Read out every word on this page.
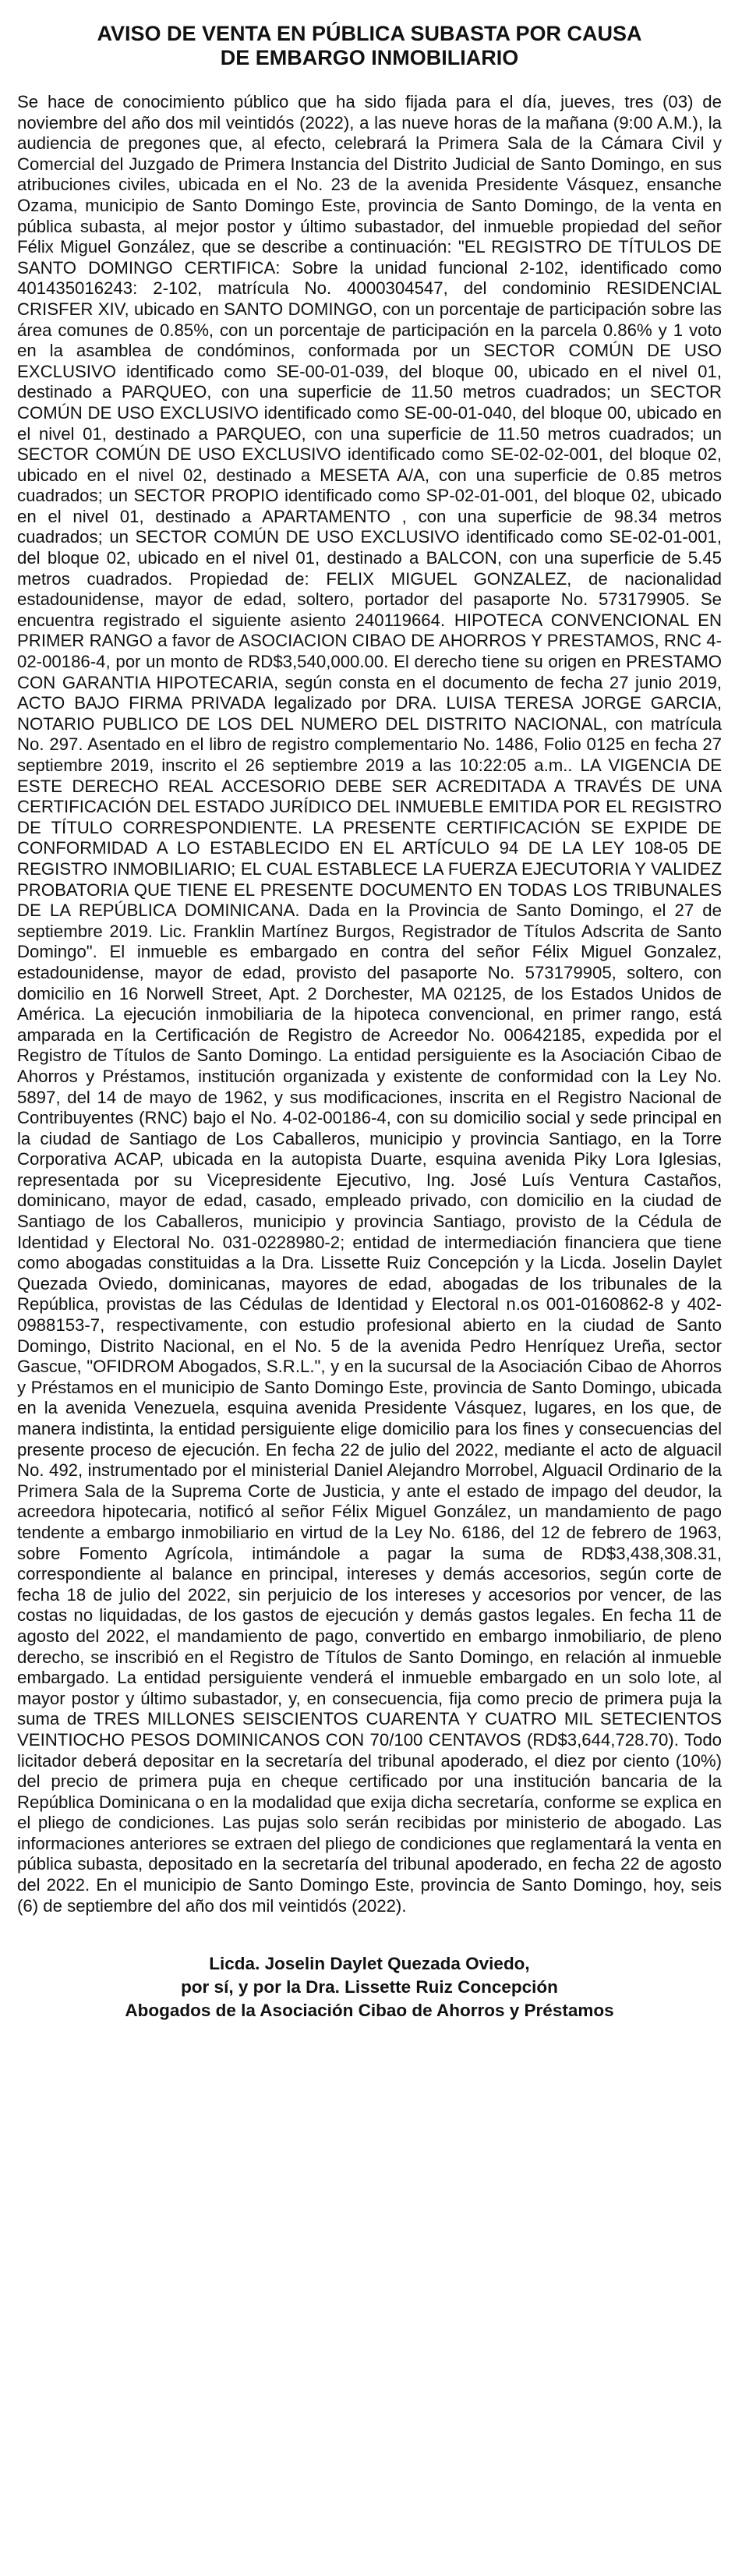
AVISO DE VENTA EN PÚBLICA SUBASTA POR CAUSA
DE EMBARGO INMOBILIARIO

Se hace de conocimiento público que ha sido fijada para el día, jueves, tres (03) de noviembre del año dos mil veintidós (2022), a las nueve horas de la mañana (9:00 A.M.), la audiencia de pregones que, al efecto, celebrará la Primera Sala de la Cámara Civil y Comercial del Juzgado de Primera Instancia del Distrito Judicial de Santo Domingo, en sus atribuciones civiles, ubicada en el No. 23 de la avenida Presidente Vásquez, ensanche Ozama, municipio de Santo Domingo Este, provincia de Santo Domingo, de la venta en pública subasta, al mejor postor y último subastador, del inmueble propiedad del señor Félix Miguel González, que se describe a continuación: "EL REGISTRO DE TÍTULOS DE SANTO DOMINGO CERTIFICA: Sobre la unidad funcional 2-102, identificado como 401435016243: 2-102, matrícula No. 4000304547, del condominio RESIDENCIAL CRISFER XIV, ubicado en SANTO DOMINGO, con un porcentaje de participación sobre las área comunes de 0.85%, con un porcentaje de participación en la parcela 0.86% y 1 voto en la asamblea de condóminos, conformada por un SECTOR COMÚN DE USO EXCLUSIVO identificado como SE-00-01-039, del bloque 00, ubicado en el nivel 01, destinado a PARQUEO, con una superficie de 11.50 metros cuadrados; un SECTOR COMÚN DE USO EXCLUSIVO identificado como SE-00-01-040, del bloque 00, ubicado en el nivel 01, destinado a PARQUEO, con una superficie de 11.50 metros cuadrados; un SECTOR COMÚN DE USO EXCLUSIVO identificado como SE-02-02-001, del bloque 02, ubicado en el nivel 02, destinado a MESETA A/A, con una superficie de 0.85 metros cuadrados; un SECTOR PROPIO identificado como SP-02-01-001, del bloque 02, ubicado en el nivel 01, destinado a APARTAMENTO , con una superficie de 98.34 metros cuadrados; un SECTOR COMÚN DE USO EXCLUSIVO identificado como SE-02-01-001, del bloque 02, ubicado en el nivel 01, destinado a BALCON, con una superficie de 5.45 metros cuadrados. Propiedad de: FELIX MIGUEL GONZALEZ, de nacionalidad estadounidense, mayor de edad, soltero, portador del pasaporte No. 573179905. Se encuentra registrado el siguiente asiento 240119664. HIPOTECA CONVENCIONAL EN PRIMER RANGO a favor de ASOCIACION CIBAO DE AHORROS Y PRESTAMOS, RNC 4-02-00186-4, por un monto de RD$3,540,000.00. El derecho tiene su origen en PRESTAMO CON GARANTIA HIPOTECARIA, según consta en el documento de fecha 27 junio 2019, ACTO BAJO FIRMA PRIVADA legalizado por DRA. LUISA TERESA JORGE GARCIA, NOTARIO PUBLICO DE LOS DEL NUMERO DEL DISTRITO NACIONAL, con matrícula No. 297. Asentado en el libro de registro complementario No. 1486, Folio 0125 en fecha 27 septiembre 2019, inscrito el 26 septiembre 2019 a las 10:22:05 a.m.. LA VIGENCIA DE ESTE DERECHO REAL ACCESORIO DEBE SER ACREDITADA A TRAVÉS DE UNA CERTIFICACIÓN DEL ESTADO JURÍDICO DEL INMUEBLE EMITIDA POR EL REGISTRO DE TÍTULO CORRESPONDIENTE. LA PRESENTE CERTIFICACIÓN SE EXPIDE DE CONFORMIDAD A LO ESTABLECIDO EN EL ARTÍCULO 94 DE LA LEY 108-05 DE REGISTRO INMOBILIARIO; EL CUAL ESTABLECE LA FUERZA EJECUTORIA Y VALIDEZ PROBATORIA QUE TIENE EL PRESENTE DOCUMENTO EN TODAS LOS TRIBUNALES DE LA REPÚBLICA DOMINICANA. Dada en la Provincia de Santo Domingo, el 27 de septiembre 2019. Lic. Franklin Martínez Burgos, Registrador de Títulos Adscrita de Santo Domingo". El inmueble es embargado en contra del señor Félix Miguel Gonzalez, estadounidense, mayor de edad, provisto del pasaporte No. 573179905, soltero, con domicilio en 16 Norwell Street, Apt. 2 Dorchester, MA 02125, de los Estados Unidos de América. La ejecución inmobiliaria de la hipoteca convencional, en primer rango, está amparada en la Certificación de Registro de Acreedor No. 00642185, expedida por el Registro de Títulos de Santo Domingo. La entidad persiguiente es la Asociación Cibao de Ahorros y Préstamos, institución organizada y existente de conformidad con la Ley No. 5897, del 14 de mayo de 1962, y sus modificaciones, inscrita en el Registro Nacional de Contribuyentes (RNC) bajo el No. 4-02-00186-4, con su domicilio social y sede principal en la ciudad de Santiago de Los Caballeros, municipio y provincia Santiago, en la Torre Corporativa ACAP, ubicada en la autopista Duarte, esquina avenida Piky Lora Iglesias, representada por su Vicepresidente Ejecutivo, Ing. José Luís Ventura Castaños, dominicano, mayor de edad, casado, empleado privado, con domicilio en la ciudad de Santiago de los Caballeros, municipio y provincia Santiago, provisto de la Cédula de Identidad y Electoral No. 031-0228980-2; entidad de intermediación financiera que tiene como abogadas constituidas a la Dra. Lissette Ruiz Concepción y la Licda. Joselin Daylet Quezada Oviedo, dominicanas, mayores de edad, abogadas de los tribunales de la República, provistas de las Cédulas de Identidad y Electoral n.os 001-0160862-8 y 402-0988153-7, respectivamente, con estudio profesional abierto en la ciudad de Santo Domingo, Distrito Nacional, en el No. 5 de la avenida Pedro Henríquez Ureña, sector Gascue, "OFIDROM Abogados, S.R.L.", y en la sucursal de la Asociación Cibao de Ahorros y Préstamos en el municipio de Santo Domingo Este, provincia de Santo Domingo, ubicada en la avenida Venezuela, esquina avenida Presidente Vásquez, lugares, en los que, de manera indistinta, la entidad persiguiente elige domicilio para los fines y consecuencias del presente proceso de ejecución. En fecha 22 de julio del 2022, mediante el acto de alguacil No. 492, instrumentado por el ministerial Daniel Alejandro Morrobel, Alguacil Ordinario de la Primera Sala de la Suprema Corte de Justicia, y ante el estado de impago del deudor, la acreedora hipotecaria, notificó al señor Félix Miguel González, un mandamiento de pago tendente a embargo inmobiliario en virtud de la Ley No. 6186, del 12 de febrero de 1963, sobre Fomento Agrícola, intimándole a pagar la suma de RD$3,438,308.31, correspondiente al balance en principal, intereses y demás accesorios, según corte de fecha 18 de julio del 2022, sin perjuicio de los intereses y accesorios por vencer, de las costas no liquidadas, de los gastos de ejecución y demás gastos legales. En fecha 11 de agosto del 2022, el mandamiento de pago, convertido en embargo inmobiliario, de pleno derecho, se inscribió en el Registro de Títulos de Santo Domingo, en relación al inmueble embargado. La entidad persiguiente venderá el inmueble embargado en un solo lote, al mayor postor y último subastador, y, en consecuencia, fija como precio de primera puja la suma de TRES MILLONES SEISCIENTOS CUARENTA Y CUATRO MIL SETECIENTOS VEINTIOCHO PESOS DOMINICANOS CON 70/100 CENTAVOS (RD$3,644,728.70). Todo licitador deberá depositar en la secretaría del tribunal apoderado, el diez por ciento (10%) del precio de primera puja en cheque certificado por una institución bancaria de la República Dominicana o en la modalidad que exija dicha secretaría, conforme se explica en el pliego de condiciones. Las pujas solo serán recibidas por ministerio de abogado. Las informaciones anteriores se extraen del pliego de condiciones que reglamentará la venta en pública subasta, depositado en la secretaría del tribunal apoderado, en fecha 22 de agosto del 2022. En el municipio de Santo Domingo Este, provincia de Santo Domingo, hoy, seis (6) de septiembre del año dos mil veintidós (2022).

Licda. Joselin Daylet Quezada Oviedo,
por sí, y por la Dra. Lissette Ruiz Concepción
Abogados de la Asociación Cibao de Ahorros y Préstamos
